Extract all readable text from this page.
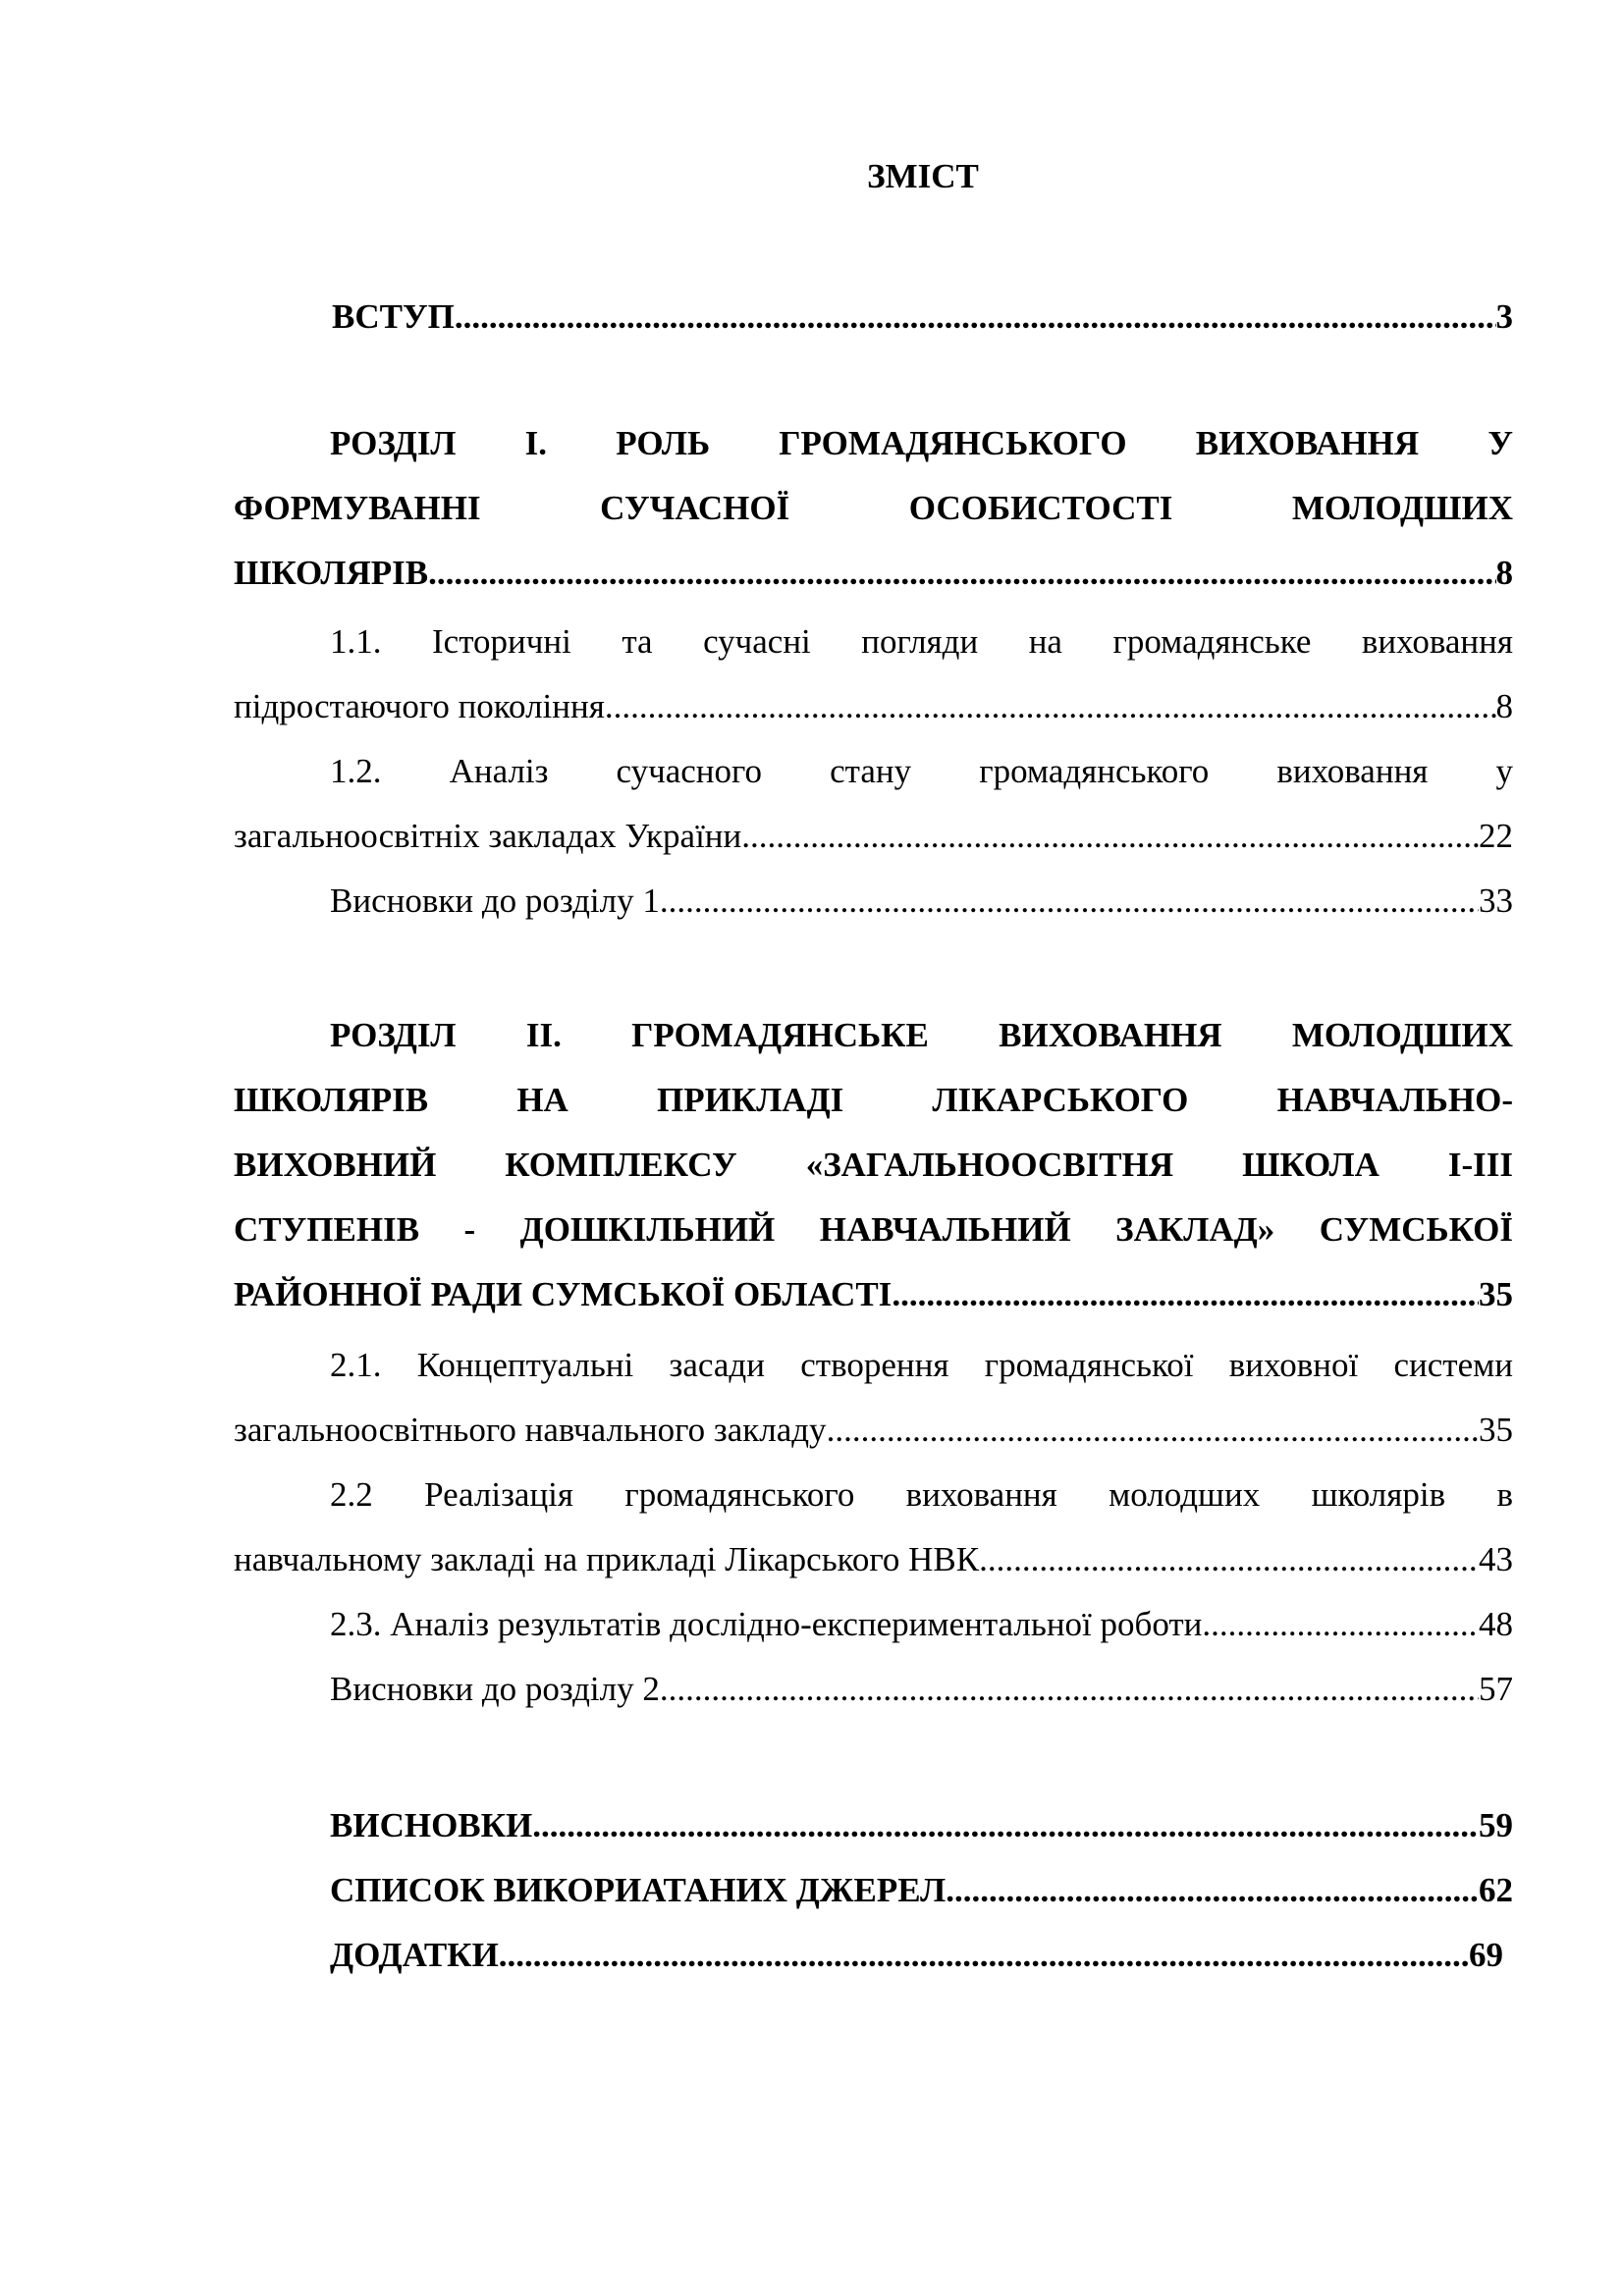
ЗМІСТ
ВСТУП .....	3
РОЗДІЛ І. РОЛЬ ГРОМАДЯНСЬКОГО ВИХОВАННЯ У
ФОРМУВАННІ СУЧАСНОЇ ОСОБИСТОСТІ МОЛОДШИХ
ШКОЛЯРІВ .....	8
1.1. Історичні та сучасні погляди на громадянське виховання
підростаючого покоління .....	8
1.2. Аналіз сучасного стану громадянського виховання у
загальноосвітніх закладах України .....	22
Висновки до розділу 1 .....	33
РОЗДІЛ ІІ. ГРОМАДЯНСЬКЕ ВИХОВАННЯ МОЛОДШИХ
ШКОЛЯРІВ НА ПРИКЛАДІ ЛІКАРСЬКОГО НАВЧАЛЬНО-
ВИХОВНИЙ КОМПЛЕКСУ «ЗАГАЛЬНООСВІТНЯ ШКОЛА І-ІІІ
СТУПЕНІВ - ДОШКІЛЬНИЙ НАВЧАЛЬНИЙ ЗАКЛАД» СУМСЬКОЇ
РАЙОННОЇ РАДИ СУМСЬКОЇ ОБЛАСТІ .....	35
2.1. Концептуальні засади створення громадянської виховної системи
загальноосвітнього навчального закладу .....	35
2.2 Реалізація громадянського виховання молодших школярів в
навчальному закладі на прикладі Лікарського НВК .....	43
2.3. Аналіз результатів дослідно-експериментальної роботи .....	48
Висновки до розділу 2 .....	57
ВИСНОВКИ .....	59
СПИСОК ВИКОРИАТАНИХ ДЖЕРЕЛ .....	62
ДОДАТКИ .....	69
